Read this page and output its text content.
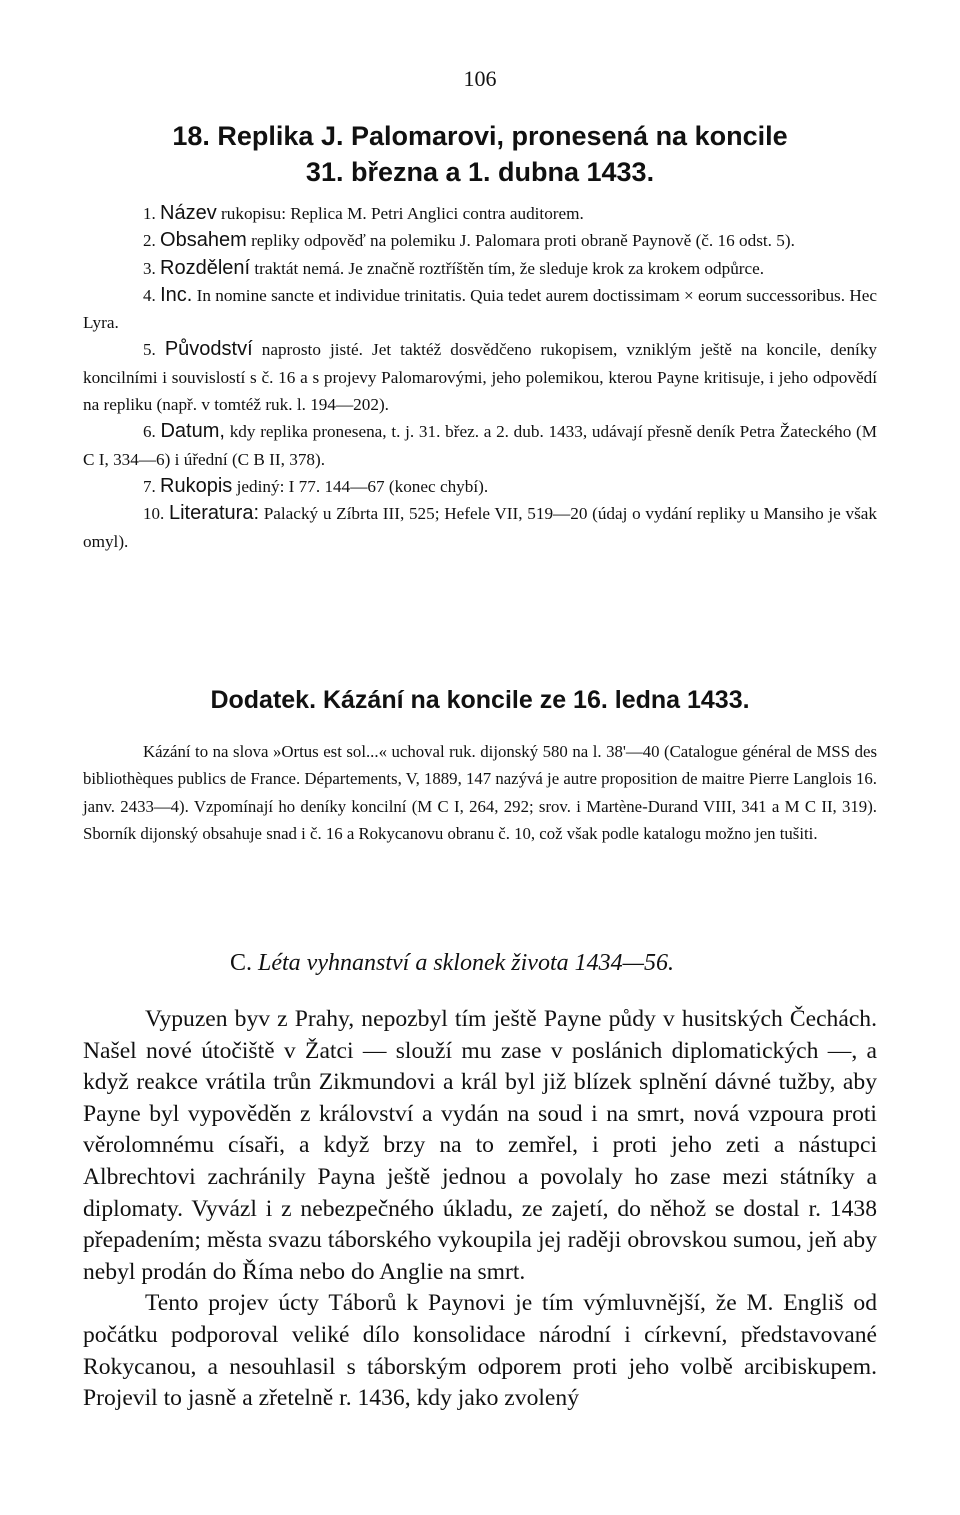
106
18. Replika J. Palomarovi, pronesená na koncile
31. března a 1. dubna 1433.

1. Název rukopisu: Replica M. Petri Anglici contra auditorem.

2. Obsahem repliky odpověď na polemiku J. Palomara proti obraně Paynově (č. 16 odst. 5).

3. Rozdělení traktát nemá. Je značně roztříštěn tím, že sleduje krok za krokem odpůrce.

4. Inc. In nomine sancte et individue trinitatis. Quia tedet aurem doctissimam × eorum successoribus. Hec Lyra.

5. Původství naprosto jisté. Jet taktéž dosvědčeno rukopisem, vzniklým ještě na koncile, deníky koncilními i souvislostí s č. 16 a s projevy Palomarovými, jeho polemikou, kterou Payne kritisuje, i jeho odpovědí na repliku (např. v tomtéž ruk. l. 194—202).

6. Datum, kdy replika pronesena, t. j. 31. břez. a 2. dub. 1433, udávají přesně deník Petra Žateckého (M C I, 334—6) i úřední (C B II, 378).

7. Rukopis jediný: I 77. 144—67 (konec chybí).

10. Literatura: Palacký u Zíbrta III, 525; Hefele VII, 519—20 (údaj o vydání repliky u Mansiho je však omyl).

Dodatek. Kázání na koncile ze 16. ledna 1433.

Kázání to na slova »Ortus est sol...« uchoval ruk. dijonský 580 na l. 38'—40 (Catalogue général de MSS des bibliothèques publics de France. Départements, V, 1889, 147 nazývá je autre proposition de maitre Pierre Langlois 16. janv. 2433—4). Vzpomínají ho deníky koncilní (M C I, 264, 292; srov. i Martène-Durand VIII, 341 a M C II, 319). Sborník dijonský obsahuje snad i č. 16 a Rokycanovu obranu č. 10, což však podle katalogu možno jen tušiti.

C. Léta vyhnanství a sklonek života 1434—56.

Vypuzen byv z Prahy, nepozbyl tím ještě Payne půdy v husitských Čechách. Našel nové útočiště v Žatci — slouží mu zase v poslánich diplomatických —, a když reakce vrátila trůn Zikmundovi a král byl již blízek splnění dávné tužby, aby Payne byl vypověděn z království a vydán na soud i na smrt, nová vzpoura proti věrolomnému císaři, a když brzy na to zemřel, i proti jeho zeti a nástupci Albrechtovi zachránily Payna ještě jednou a povolaly ho zase mezi státníky a diplomaty. Vyvázl i z nebezpečného úkladu, ze zajetí, do něhož se dostal r. 1438 přepadením; města svazu táborského vykoupila jej raději obrovskou sumou, jeň aby nebyl prodán do Říma nebo do Anglie na smrt.

Tento projev úcty Táborů k Paynovi je tím výmluvnější, že M. Engliš od počátku podporoval veliké dílo konsolidace národní i církevní, představované Rokycanou, a nesouhlasil s táborským odporem proti jeho volbě arcibiskupem. Projevil to jasně a zřetelně r. 1436, kdy jako zvolený
